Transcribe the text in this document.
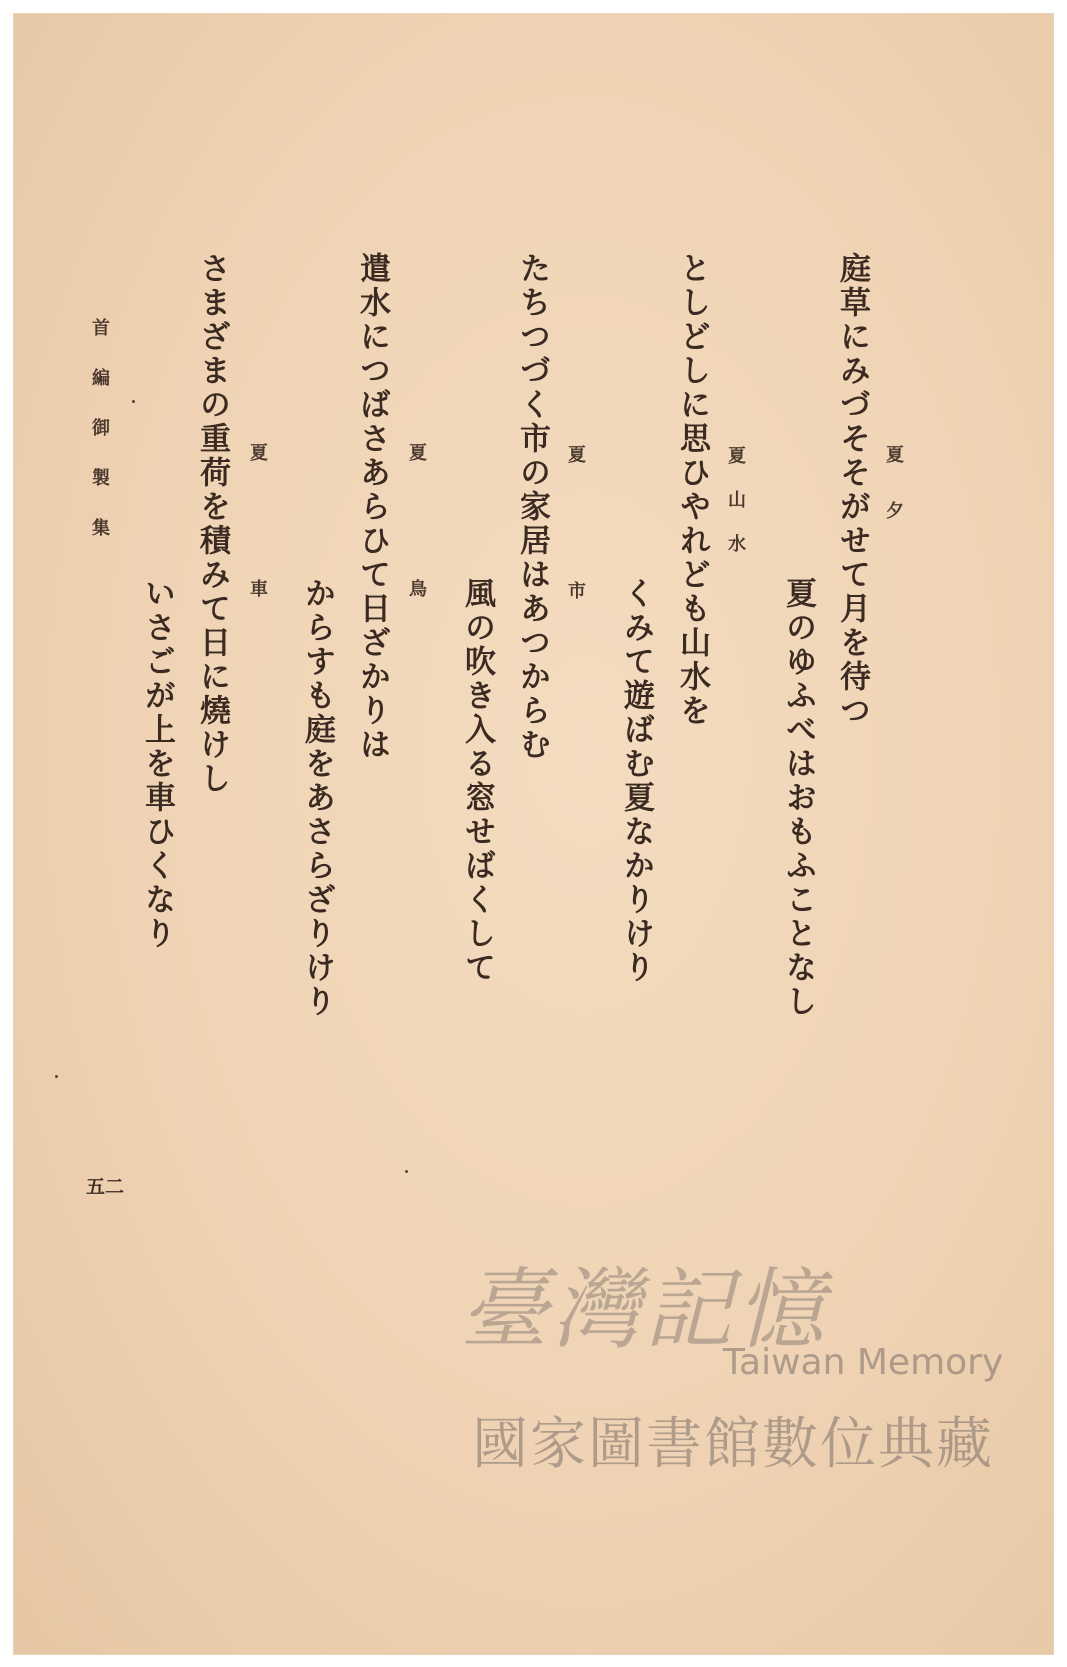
夏夕
庭草にみづそそがせて月を待つ
夏のゆふべはおもふことなし
夏山水
としどしに思ひやれども山水を
くみて遊ばむ夏なかりけり
夏市
たちつづく市の家居はあつからむ
風の吹き入る窓せばくして
夏鳥
遣水につばさあらひて日ざかりは
からすも庭をあさらざりけり
夏車
さまざまの重荷を積みて日に燒けし
いさごが上を車ひくなり
首編御製集
五二
臺灣記憶
Taiwan Memory
國家圖書館數位典藏
